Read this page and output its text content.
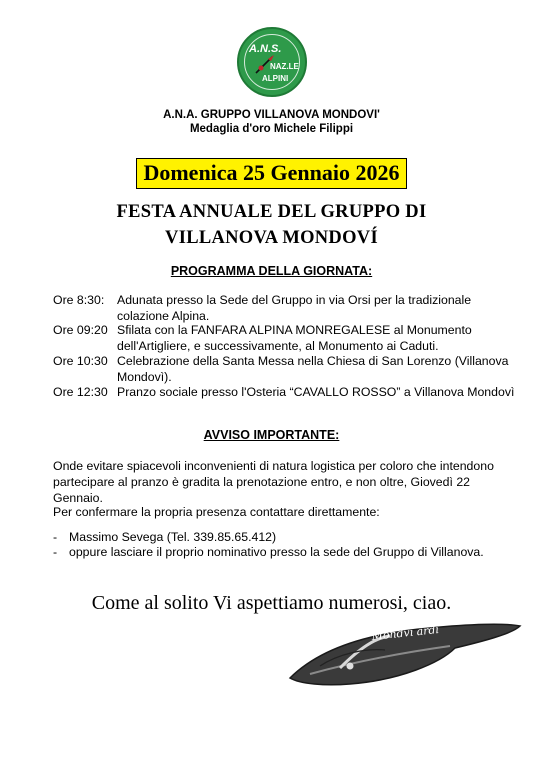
A.N.S.
NAZ.LE
ALPINI
A.N.A. GRUPPO VILLANOVA MONDOVI'
Medaglia d'oro Michele Filippi
Domenica 25 Gennaio 2026
FESTA ANNUALE DEL GRUPPO DI
VILLANOVA MONDOVÍ
PROGRAMMA DELLA GIORNATA:
Ore 8:30: Adunata presso la Sede del Gruppo in via Orsi per la tradizionale colazione Alpina.
Ore 09:20 Sfilata con la FANFARA ALPINA MONREGALESE al Monumento dell'Artigliere, e successivamente, al Monumento ai Caduti.
Ore 10:30 Celebrazione della Santa Messa nella Chiesa di San Lorenzo (Villanova Mondovì).
Ore 12:30 Pranzo sociale presso l'Osteria “CAVALLO ROSSO” a Villanova Mondovì
AVVISO IMPORTANTE:
Onde evitare spiacevoli inconvenienti di natura logistica per coloro che intendono partecipare al pranzo è gradita la prenotazione entro, e non oltre, Giovedì 22 Gennaio.
Per confermare la propria presenza contattare direttamente:
- Massimo Sevega (Tel. 339.85.65.412)
- oppure lasciare il proprio nominativo presso la sede del Gruppo di Villanova.
Come al solito Vi aspettiamo numerosi, ciao.
Mondvì ardi
